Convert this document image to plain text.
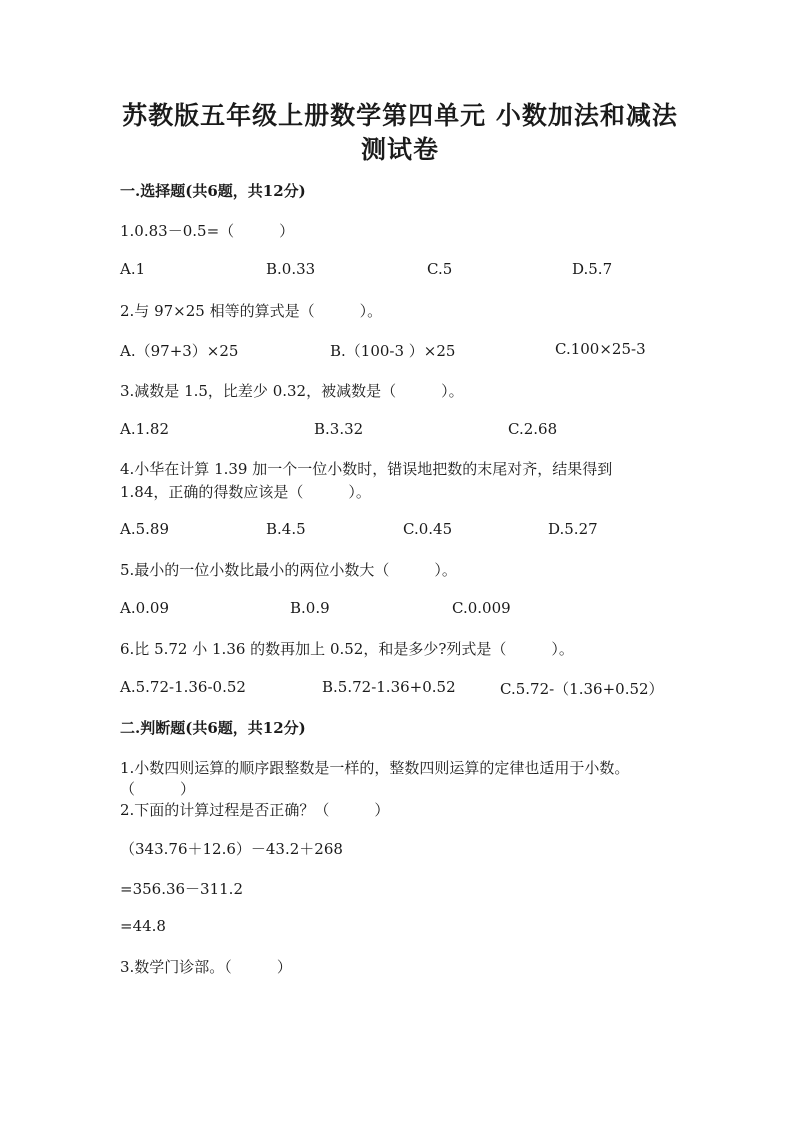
苏教版五年级上册数学第四单元 小数加法和减法
测试卷
一.选择题(共6题，共12分)
1.0.83－0.5=（　　　）
A.1	B.0.33	C.5	D.5.7
2.与 97×25 相等的算式是（　　　）。
A.（97+3）×25	B.（100-3 ）×25	C.100×25-3
3.减数是 1.5，比差少 0.32，被减数是（　　　）。
A.1.82	B.3.32	C.2.68
4.小华在计算 1.39 加一个一位小数时，错误地把数的末尾对齐，结果得到
1.84，正确的得数应该是（　　　）。
A.5.89	B.4.5	C.0.45	D.5.27
5.最小的一位小数比最小的两位小数大（　　　）。
A.0.09	B.0.9	C.0.009
6.比 5.72 小 1.36 的数再加上 0.52，和是多少?列式是（　　　）。
A.5.72-1.36-0.52	B.5.72-1.36+0.52	C.5.72-（1.36+0.52）
二.判断题(共6题，共12分)
1.小数四则运算的顺序跟整数是一样的，整数四则运算的定律也适用于小数。
（　　　）
2.下面的计算过程是否正确？（　　　）
（343.76＋12.6）－43.2＋268
=356.36－311.2
=44.8
3.数学门诊部。（　　　）
